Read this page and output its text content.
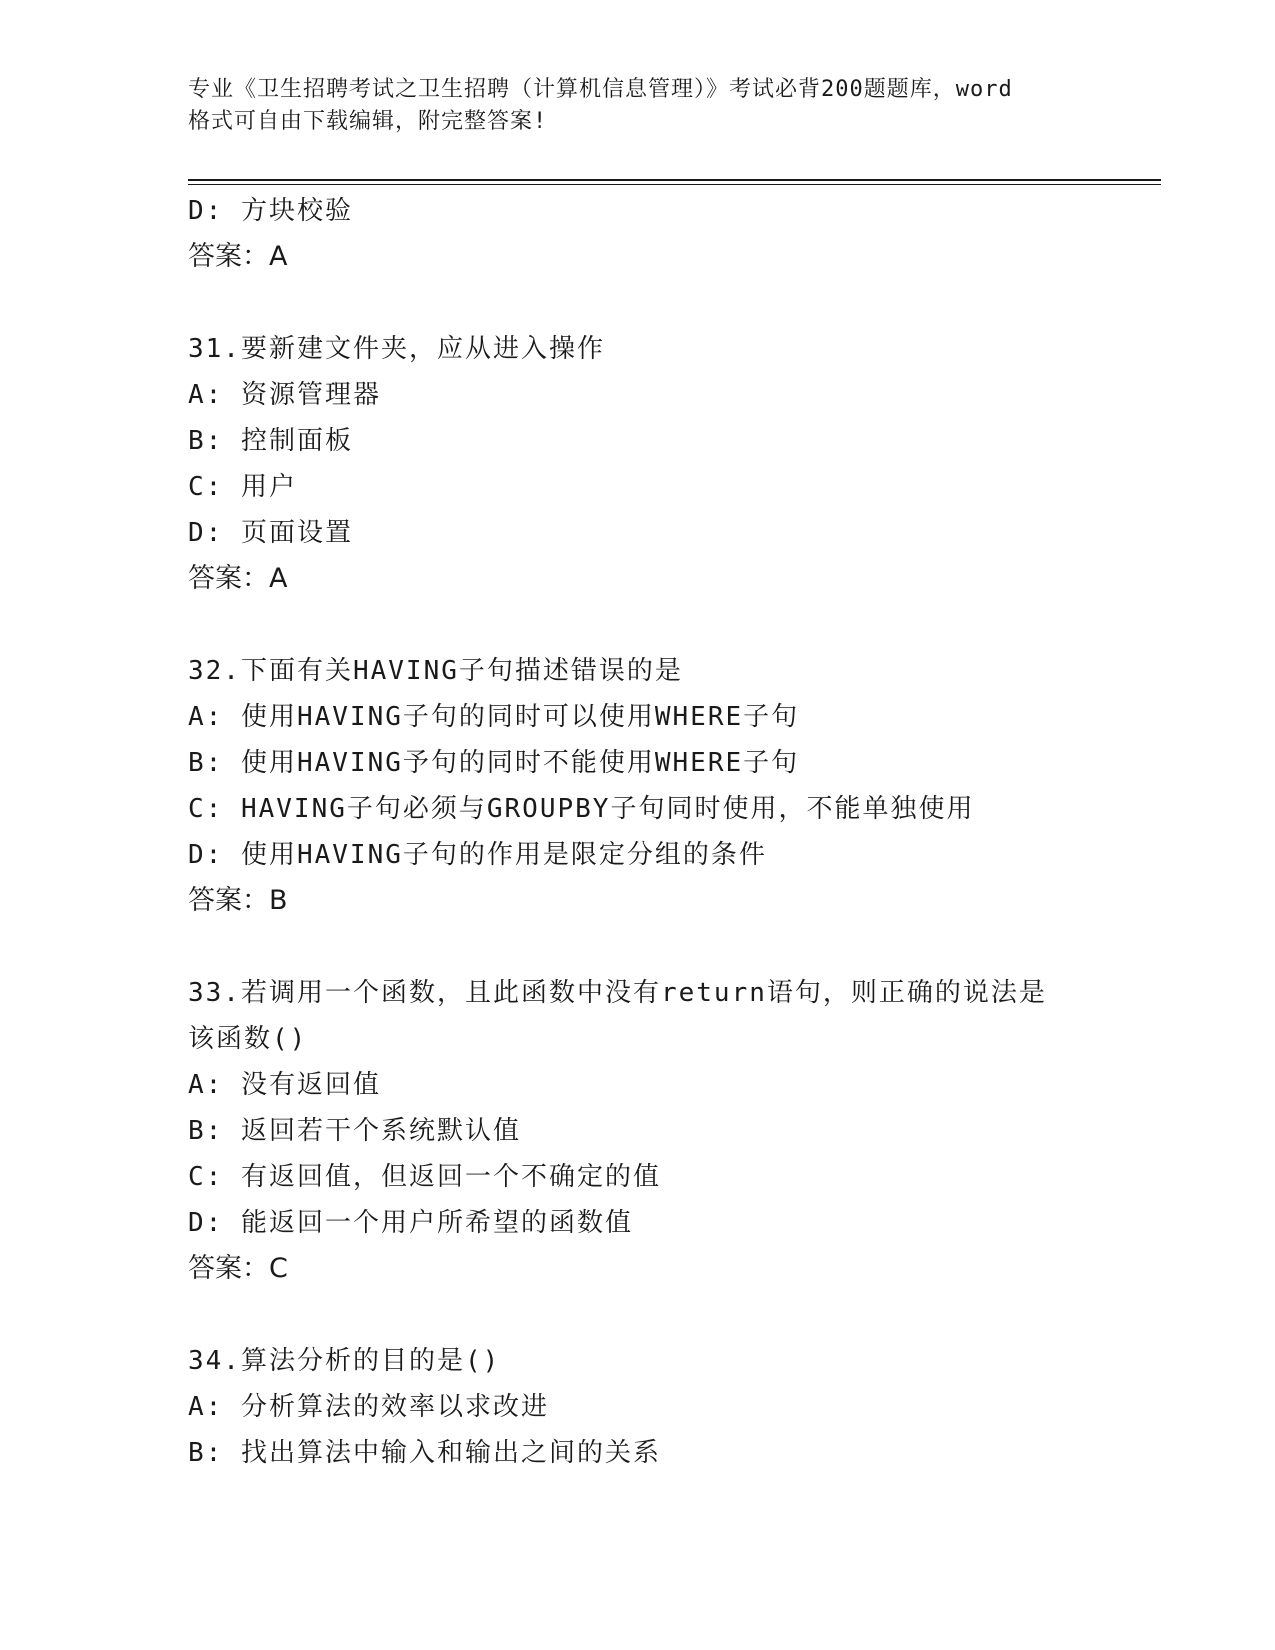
专业《卫生招聘考试之卫生招聘（计算机信息管理）》考试必背200题题库，word
格式可自由下载编辑，附完整答案!
D: 方块校验
答案：A
31.要新建文件夹，应从进入操作
A: 资源管理器
B: 控制面板
C: 用户
D: 页面设置
答案：A
32.下面有关HAVING子句描述错误的是
A: 使用HAVING子句的同时可以使用WHERE子句
B: 使用HAVING予句的同时不能使用WHERE子句
C: HAVING子句必须与GROUPBY子句同时使用，不能单独使用
D: 使用HAVING子句的作用是限定分组的条件
答案：B
33.若调用一个函数，且此函数中没有return语句，则正确的说法是
该函数()
A: 没有返回值
B: 返回若干个系统默认值
C: 有返回值，但返回一个不确定的值
D: 能返回一个用户所希望的函数值
答案：C
34.算法分析的目的是()
A: 分析算法的效率以求改进
B: 找出算法中输入和输出之间的关系
